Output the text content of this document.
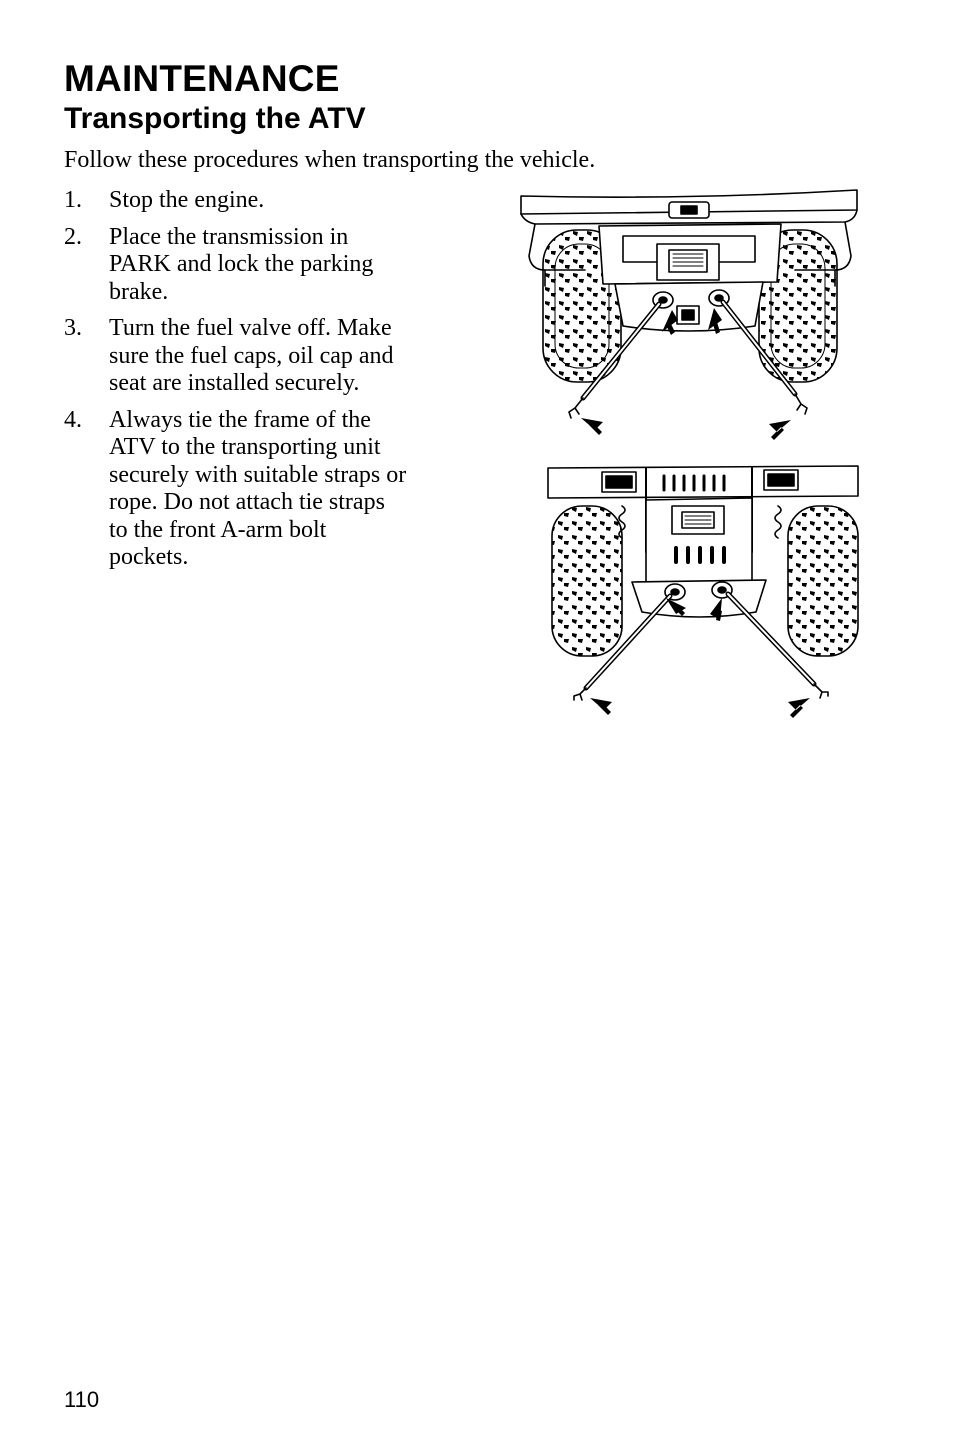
MAINTENANCE
Transporting the ATV

Follow these procedures when transporting the vehicle.

1.	Stop the engine.
2.	Place the transmission in PARK and lock the parking brake.
3.	Turn the fuel valve off. Make sure the fuel caps, oil cap and seat are installed securely.
4.	Always tie the frame of the ATV to the transporting unit securely with suitable straps or rope. Do not attach tie straps to the front A-arm bolt pockets.
110
